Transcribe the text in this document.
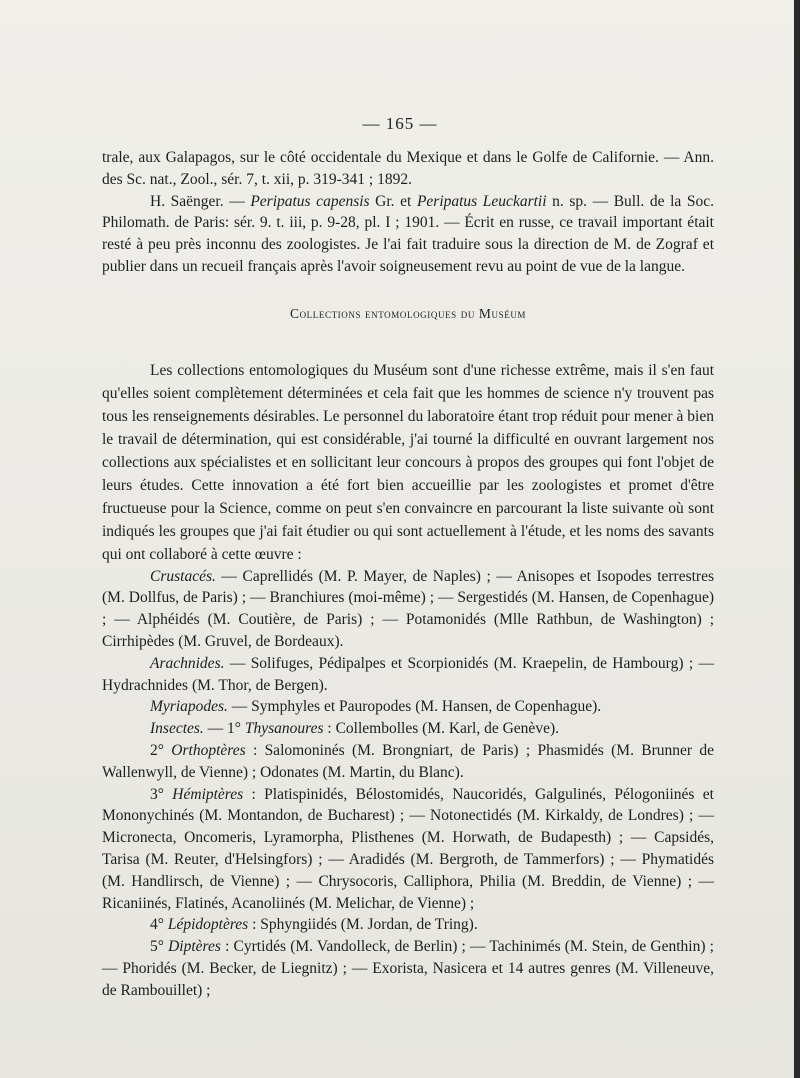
— 165 —

trale, aux Galapagos, sur le côté occidentale du Mexique et dans le Golfe de Californie. — Ann. des Sc. nat., Zool., sér. 7, t. xii, p. 319-341 ; 1892.

H. Saënger. — Peripatus capensis Gr. et Peripatus Leuckartii n. sp. — Bull. de la Soc. Philomath. de Paris: sér. 9. t. iii, p. 9-28, pl. I ; 1901. — Écrit en russe, ce travail important était resté à peu près inconnu des zoologistes. Je l'ai fait traduire sous la direction de M. de Zograf et publier dans un recueil français après l'avoir soigneusement revu au point de vue de la langue.

Collections entomologiques du Muséum

Les collections entomologiques du Muséum sont d'une richesse extrême, mais il s'en faut qu'elles soient complètement déterminées et cela fait que les hommes de science n'y trouvent pas tous les renseignements désirables. Le personnel du laboratoire étant trop réduit pour mener à bien le travail de détermination, qui est considérable, j'ai tourné la difficulté en ouvrant largement nos collections aux spécialistes et en sollicitant leur concours à propos des groupes qui font l'objet de leurs études. Cette innovation a été fort bien accueillie par les zoologistes et promet d'être fructueuse pour la Science, comme on peut s'en convaincre en parcourant la liste suivante où sont indiqués les groupes que j'ai fait étudier ou qui sont actuellement à l'étude, et les noms des savants qui ont collaboré à cette œuvre :

Crustacés. — Caprellidés (M. P. Mayer, de Naples) ; — Anisopes et Isopodes terrestres (M. Dollfus, de Paris) ; — Branchiures (moi-même) ; — Sergestidés (M. Hansen, de Copenhague) ; — Alphéidés (M. Coutière, de Paris) ; — Potamonidés (Mlle Rathbun, de Washington) ; Cirrhipèdes (M. Gruvel, de Bordeaux).

Arachnides. — Solifuges, Pédipalpes et Scorpionidés (M. Kraepelin, de Hambourg) ; — Hydrachnides (M. Thor, de Bergen).

Myriapodes. — Symphyles et Pauropodes (M. Hansen, de Copenhague).

Insectes. — 1° Thysanoures : Collembolles (M. Karl, de Genève).

2° Orthoptères : Salomoninés (M. Brongniart, de Paris) ; Phasmidés (M. Brunner de Wallenwyll, de Vienne) ; Odonates (M. Martin, du Blanc).

3° Hémiptères : Platispinidés, Bélostomidés, Naucoridés, Galgulinés, Pélogoniinés et Mononychinés (M. Montandon, de Bucharest) ; — Notonectidés (M. Kirkaldy, de Londres) ; — Micronecta, Oncomeris, Lyramorpha, Plisthenes (M. Horwath, de Budapesth) ; — Capsidés, Tarisa (M. Reuter, d'Helsingfors) ; — Aradidés (M. Bergroth, de Tammerfors) ; — Phymatidés (M. Handlirsch, de Vienne) ; — Chrysocoris, Calliphora, Philia (M. Breddin, de Vienne) ; — Ricaniinés, Flatinés, Acanoliinés (M. Melichar, de Vienne) ;

4° Lépidoptères : Sphyngiidés (M. Jordan, de Tring).

5° Diptères : Cyrtidés (M. Vandolleck, de Berlin) ; — Tachinimés (M. Stein, de Genthin) ; — Phoridés (M. Becker, de Liegnitz) ; — Exorista, Nasicera et 14 autres genres (M. Villeneuve, de Rambouillet) ;
